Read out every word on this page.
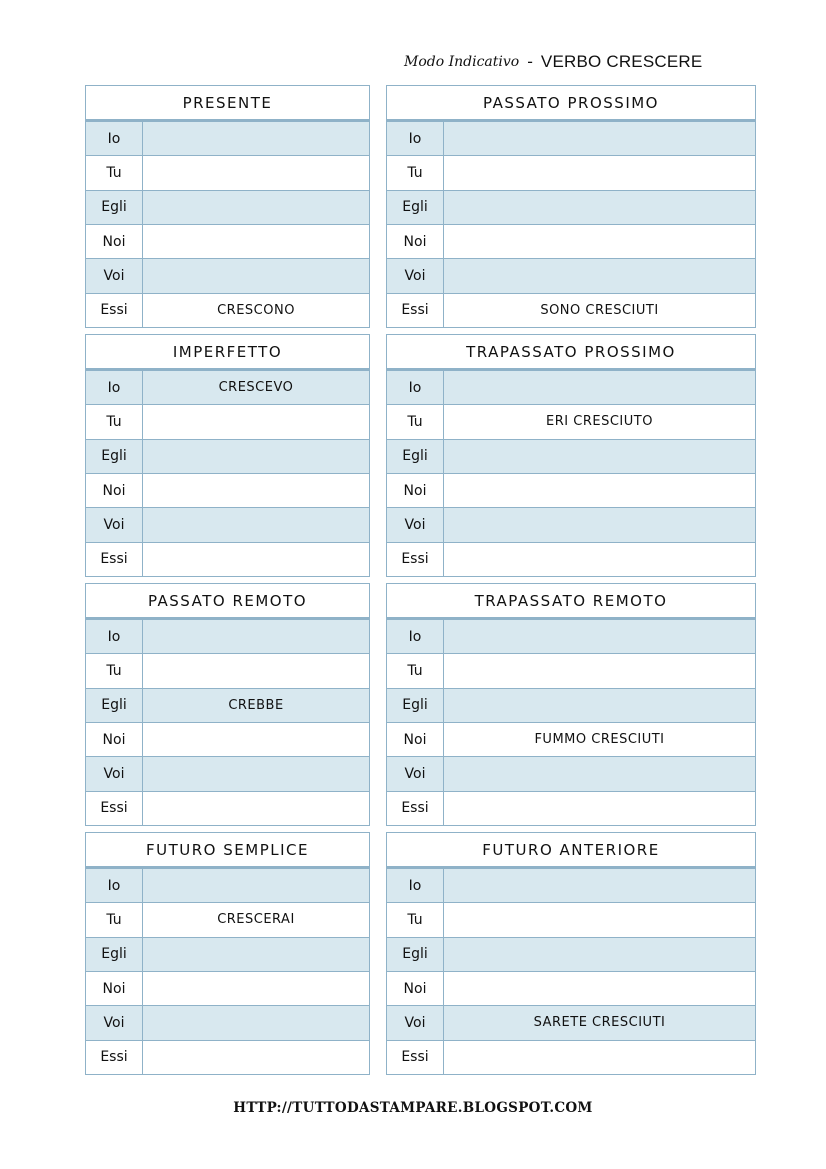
Modo Indicativo - VERBO CRESCERE
PRESENTE
Io
Tu
Egli
Noi
Voi
Essi	CRESCONO
PASSATO PROSSIMO
Io
Tu
Egli
Noi
Voi
Essi	SONO CRESCIUTI
IMPERFETTO
Io	CRESCEVO
Tu
Egli
Noi
Voi
Essi
TRAPASSATO PROSSIMO
Io
Tu	ERI CRESCIUTO
Egli
Noi
Voi
Essi
PASSATO REMOTO
Io
Tu
Egli	CREBBE
Noi
Voi
Essi
TRAPASSATO REMOTO
Io
Tu
Egli
Noi	FUMMO CRESCIUTI
Voi
Essi
FUTURO SEMPLICE
Io
Tu	CRESCERAI
Egli
Noi
Voi
Essi
FUTURO ANTERIORE
Io
Tu
Egli
Noi
Voi	SARETE CRESCIUTI
Essi
HTTP://TUTTODASTAMPARE.BLOGSPOT.COM
